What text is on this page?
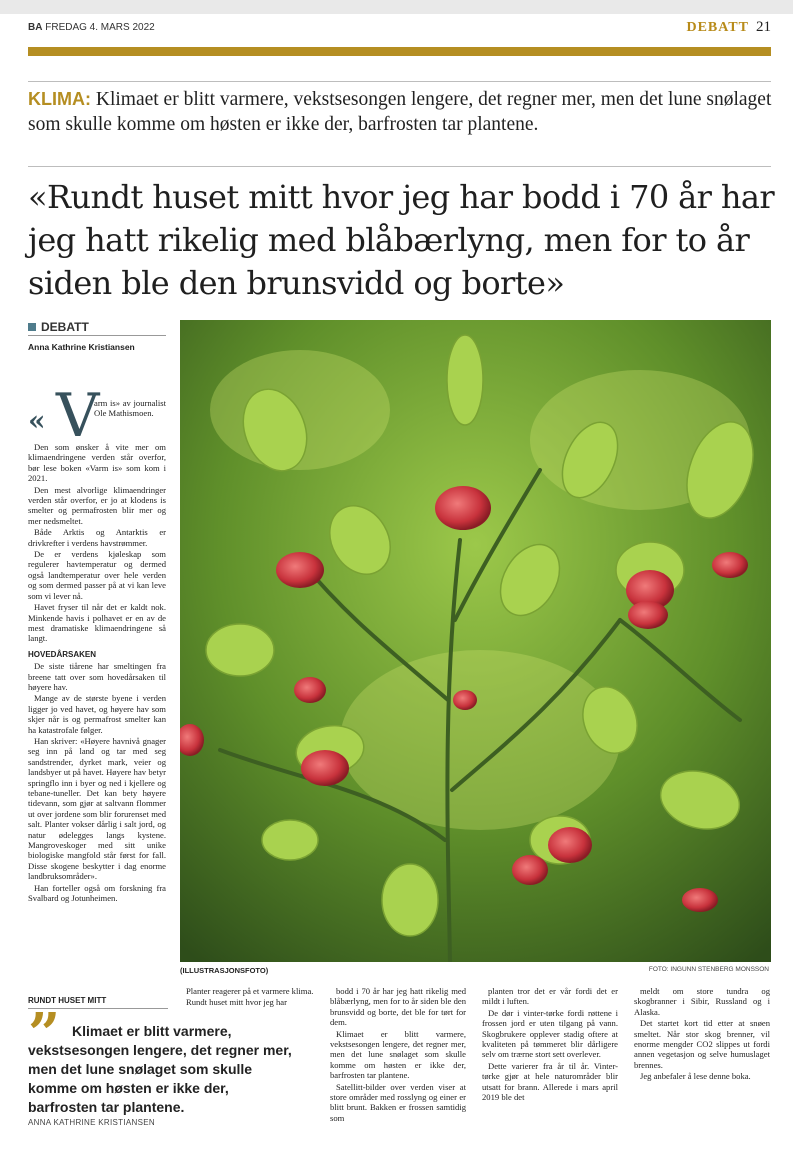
BA FREDAG 4. MARS 2022	DEBATT 21
KLIMA: Klimaet er blitt varmere, vekstsesongen lengere, det regner mer, men det lune snølaget som skulle komme om høsten er ikke der, barfrosten tar plantene.
«Rundt huset mitt hvor jeg har bodd i 70 år har jeg hatt rikelig med blåbærlyng, men for to år siden ble den brunsvidd og borte»
DEBATT
Anna Kathrine Kristiansen
« V
arm is» av journalist Ole Mathismoen.

Den som ønsker å vite mer om klimaendringene verden står overfor, bør lese boken «Varm is» som kom i 2021.

Den mest alvorlige klimaendringer verden står overfor, er jo at klodens is smelter og permafrosten blir mer og mer nedsmeltet.

Både Arktis og Antarktis er drivkrefter i verdens havstrømmer.

De er verdens kjøleskap som regulerer havtemperatur og dermed også landtemperatur over hele verden og som dermed passer på at vi kan leve som vi lever nå.

Havet fryser til når det er kaldt nok. Minkende havis i polhavet er en av de mest dramatiske klimaendringene så langt.

HOVEDÅRSAKEN

De siste tiårene har smeltingen fra breene tatt over som hovedårsaken til høyere hav.

Mange av de største byene i verden ligger jo ved havet, og høyere hav som skjer når is og permafrost smelter kan ha katastrofale følger.

Han skriver: «Høyere havnivå gnager seg inn på land og tar med seg sandstrender, dyrket mark, veier og landsbyer ut på havet. Høyere hav betyr springflo inn i byer og ned i kjellere og tebane-tuneller. Det kan bety høyere tidevann, som gjør at saltvann flommer ut over jordene som blir forurenset med salt. Planter vokser dårlig i salt jord, og natur ødelegges langs kystene. Mangroveskoger med sitt unike biologiske mangfold står først for fall. Disse skogene beskytter i dag enorme landbruksområder».

Han forteller også om forskning fra Svalbard og Jotunheimen.

(ILLUSTRASJONSFOTO)	FOTO: INGUNN STENBERG MONSSON
RUNDT HUSET MITT
” Klimaet er blitt varmere, vekstsesongen lengere, det regner mer, men det lune snølaget som skulle komme om høsten er ikke der, barfrosten tar plantene.
ANNA KATHRINE KRISTIANSEN

Planter reagerer på et varmere klima.

Rundt huset mitt hvor jeg har

bodd i 70 år har jeg hatt rikelig med blåbærlyng, men for to år siden ble den brunsvidd og borte, det ble for tørt for dem.

Klimaet er blitt varmere, vekstsesongen lengere, det regner mer, men det lune snølaget som skulle komme om høsten er ikke der, barfrosten tar plantene.

Satellitt-bilder over verden viser at store områder med rosslyng og einer er blitt brunt. Bakken er frossen samtidig som

planten tror det er vår fordi det er mildt i luften.

De dør i vinter-tørke fordi røttene i frossen jord er uten tilgang på vann. Skogbrukere opplever stadig oftere at kvaliteten på tømmeret blir dårligere selv om trærne stort sett overlever.

Dette varierer fra år til år. Vinter-tørke gjør at hele naturområder blir utsatt for brann. Allerede i mars april 2019 ble det

meldt om store tundra og skogbranner i Sibir, Russland og i Alaska.

Det startet kort tid etter at snøen smeltet. Når stor skog brenner, vil enorme mengder CO2 slippes ut fordi annen vegetasjon og selve humuslaget brennes.

Jeg anbefaler å lese denne boka.
